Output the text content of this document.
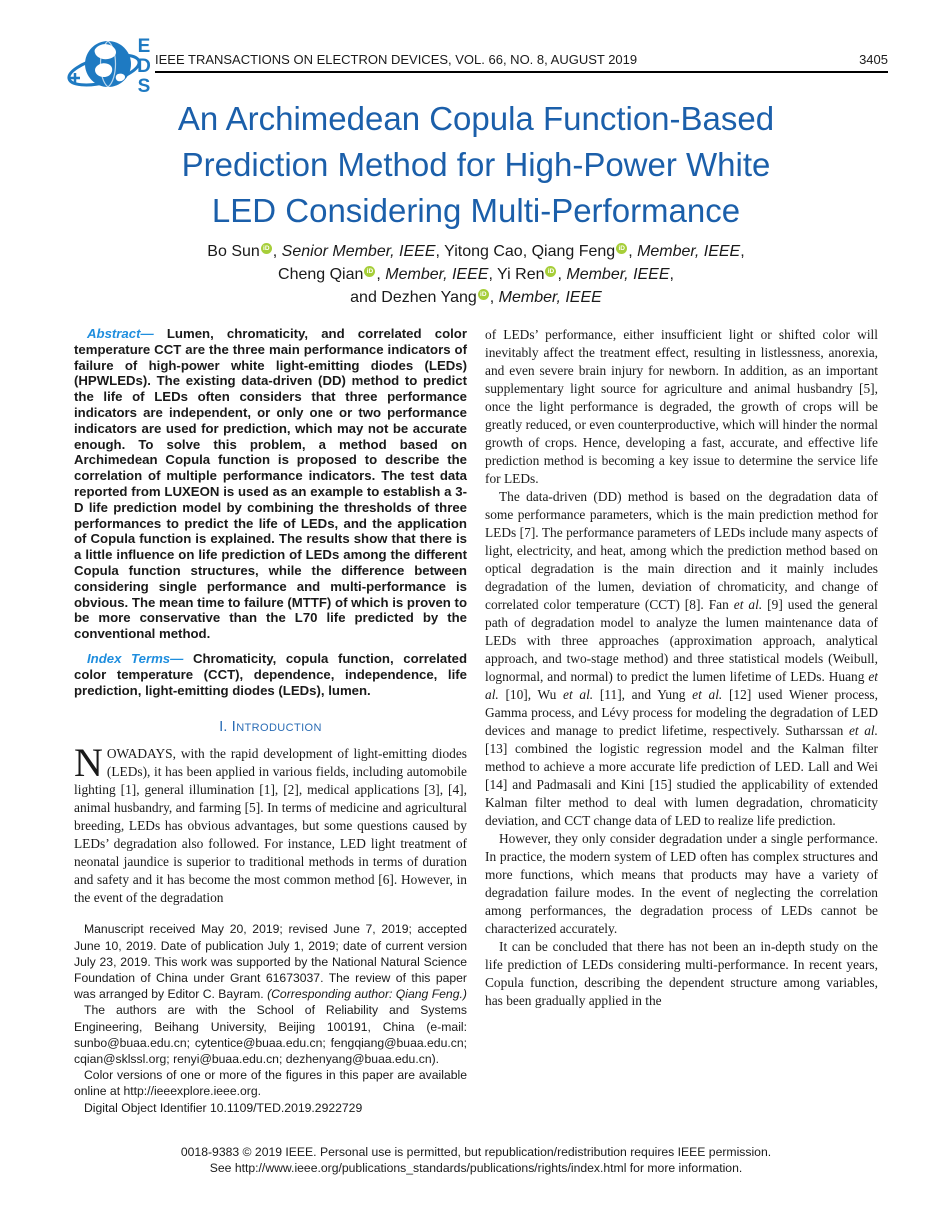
E
D
S
IEEE TRANSACTIONS ON ELECTRON DEVICES, VOL. 66, NO. 8, AUGUST 2019	3405
An Archimedean Copula Function-Based
Prediction Method for High-Power White
LED Considering Multi-Performance
Bo Sun iD , Senior Member, IEEE, Yitong Cao, Qiang Feng iD , Member, IEEE,
Cheng Qian iD , Member, IEEE, Yi Ren iD , Member, IEEE,
and Dezhen Yang iD , Member, IEEE

Abstract— Lumen, chromaticity, and correlated color temperature CCT are the three main performance indicators of failure of high-power white light-emitting diodes (LEDs) (HPWLEDs). The existing data-driven (DD) method to predict the life of LEDs often considers that three performance indicators are independent, or only one or two performance indicators are used for prediction, which may not be accurate enough. To solve this problem, a method based on Archimedean Copula function is proposed to describe the correlation of multiple performance indicators. The test data reported from LUXEON is used as an example to establish a 3-D life prediction model by combining the thresholds of three performances to predict the life of LEDs, and the application of Copula function is explained. The results show that there is a little influence on life prediction of LEDs among the different Copula function structures, while the difference between considering single performance and multi-performance is obvious. The mean time to failure (MTTF) of which is proven to be more conservative than the L70 life predicted by the conventional method.

Index Terms— Chromaticity, copula function, correlated color temperature (CCT), dependence, independence, life prediction, light-emitting diodes (LEDs), lumen.

I. Introduction

N OWADAYS, with the rapid development of light-emitting diodes (LEDs), it has been applied in various fields, including automobile lighting [1], general illumination [1], [2], medical applications [3], [4], animal husbandry, and farming [5]. In terms of medicine and agricultural breeding, LEDs has obvious advantages, but some questions caused by LEDs’ degradation also followed. For instance, LED light treatment of neonatal jaundice is superior to traditional methods in terms of duration and safety and it has become the most common method [6]. However, in the event of the degradation

Manuscript received May 20, 2019; revised June 7, 2019; accepted June 10, 2019. Date of publication July 1, 2019; date of current version July 23, 2019. This work was supported by the National Natural Science Foundation of China under Grant 61673037. The review of this paper was arranged by Editor C. Bayram. (Corresponding author: Qiang Feng.)

The authors are with the School of Reliability and Systems Engineering, Beihang University, Beijing 100191, China (e-mail: sunbo@buaa.edu.cn; cytentice@buaa.edu.cn; fengqiang@buaa.edu.cn; cqian@sklssl.org; renyi@buaa.edu.cn; dezhenyang@buaa.edu.cn).

Color versions of one or more of the figures in this paper are available online at http://ieeexplore.ieee.org.

Digital Object Identifier 10.1109/TED.2019.2922729

of LEDs’ performance, either insufficient light or shifted color will inevitably affect the treatment effect, resulting in listlessness, anorexia, and even severe brain injury for newborn. In addition, as an important supplementary light source for agriculture and animal husbandry [5], once the light performance is degraded, the growth of crops will be greatly reduced, or even counterproductive, which will hinder the normal growth of crops. Hence, developing a fast, accurate, and effective life prediction method is becoming a key issue to determine the service life for LEDs.

The data-driven (DD) method is based on the degradation data of some performance parameters, which is the main prediction method for LEDs [7]. The performance parameters of LEDs include many aspects of light, electricity, and heat, among which the prediction method based on optical degradation is the main direction and it mainly includes degradation of the lumen, deviation of chromaticity, and change of correlated color temperature (CCT) [8]. Fan et al. [9] used the general path of degradation model to analyze the lumen maintenance data of LEDs with three approaches (approximation approach, analytical approach, and two-stage method) and three statistical models (Weibull, lognormal, and normal) to predict the lumen lifetime of LEDs. Huang et al. [10], Wu et al. [11], and Yung et al. [12] used Wiener process, Gamma process, and Lévy process for modeling the degradation of LED devices and manage to predict lifetime, respectively. Sutharssan et al. [13] combined the logistic regression model and the Kalman filter method to achieve a more accurate life prediction of LED. Lall and Wei [14] and Padmasali and Kini [15] studied the applicability of extended Kalman filter method to deal with lumen degradation, chromaticity deviation, and CCT change data of LED to realize life prediction.

However, they only consider degradation under a single performance. In practice, the modern system of LED often has complex structures and more functions, which means that products may have a variety of degradation failure modes. In the event of neglecting the correlation among performances, the degradation process of LEDs cannot be characterized accurately.

It can be concluded that there has not been an in-depth study on the life prediction of LEDs considering multi-performance. In recent years, Copula function, describing the dependent structure among variables, has been gradually applied in the

0018-9383 © 2019 IEEE. Personal use is permitted, but republication/redistribution requires IEEE permission.
See http://www.ieee.org/publications_standards/publications/rights/index.html for more information.
